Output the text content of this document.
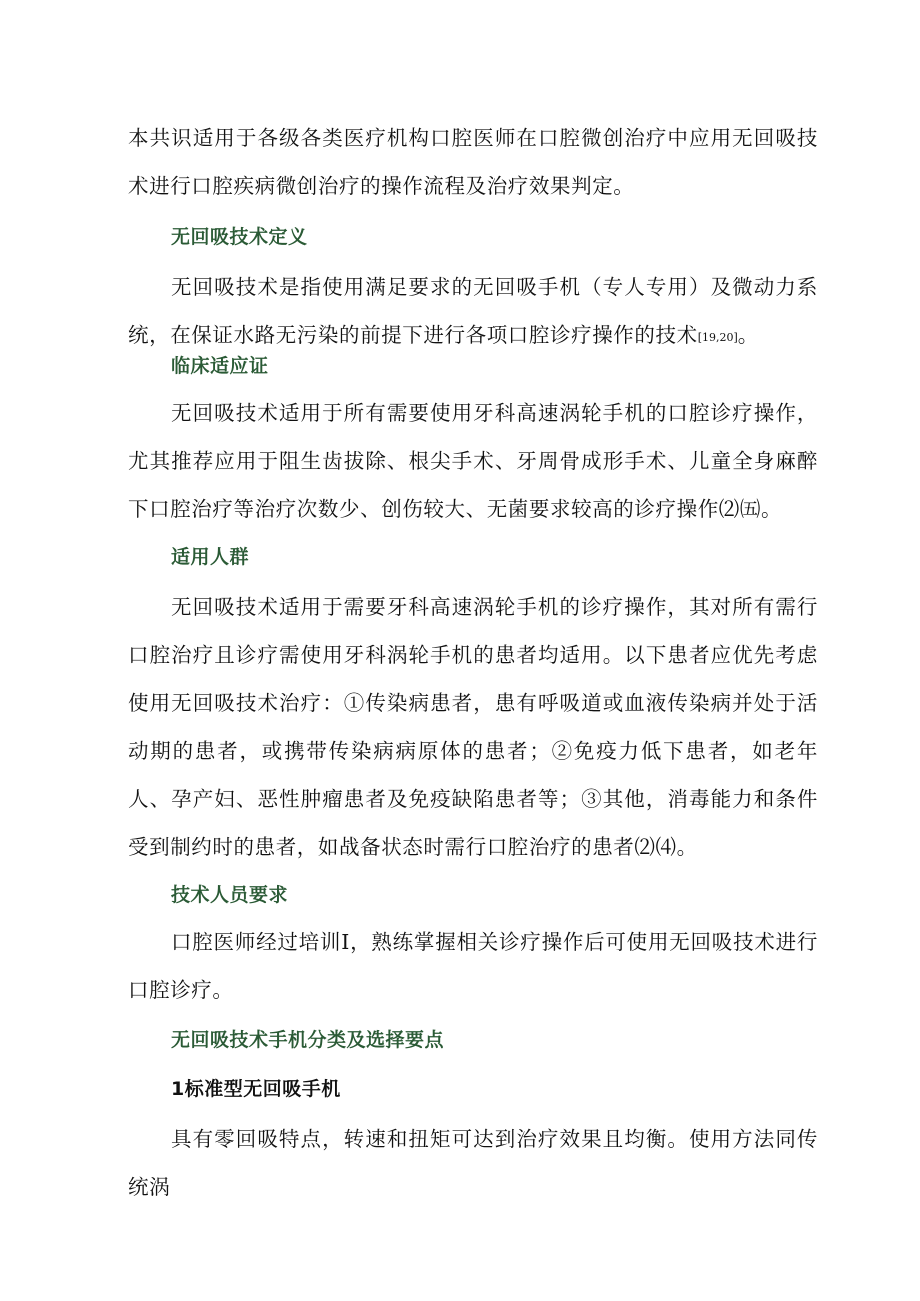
本共识适用于各级各类医疗机构口腔医师在口腔微创治疗中应用无回吸技术进行口腔疾病微创治疗的操作流程及治疗效果判定。

无回吸技术定义

无回吸技术是指使用满足要求的无回吸手机（专人专用）及微动力系统，在保证水路无污染的前提下进行各项口腔诊疗操作的技术[19,20]。

临床适应证

无回吸技术适用于所有需要使用牙科高速涡轮手机的口腔诊疗操作，尤其推荐应用于阻生齿拔除、根尖手术、牙周骨成形手术、儿童全身麻醉下口腔治疗等治疗次数少、创伤较大、无菌要求较高的诊疗操作⑵㈤。

适用人群

无回吸技术适用于需要牙科高速涡轮手机的诊疗操作，其对所有需行口腔治疗且诊疗需使用牙科涡轮手机的患者均适用。以下患者应优先考虑使用无回吸技术治疗：①传染病患者，患有呼吸道或血液传染病并处于活动期的患者，或携带传染病病原体的患者；②免疫力低下患者，如老年人、孕产妇、恶性肿瘤患者及免疫缺陷患者等；③其他，消毒能力和条件受到制约时的患者，如战备状态时需行口腔治疗的患者⑵⑷。

技术人员要求

口腔医师经过培训I，熟练掌握相关诊疗操作后可使用无回吸技术进行口腔诊疗。

无回吸技术手机分类及选择要点
1标准型无回吸手机

具有零回吸特点，转速和扭矩可达到治疗效果且均衡。使用方法同传统涡
